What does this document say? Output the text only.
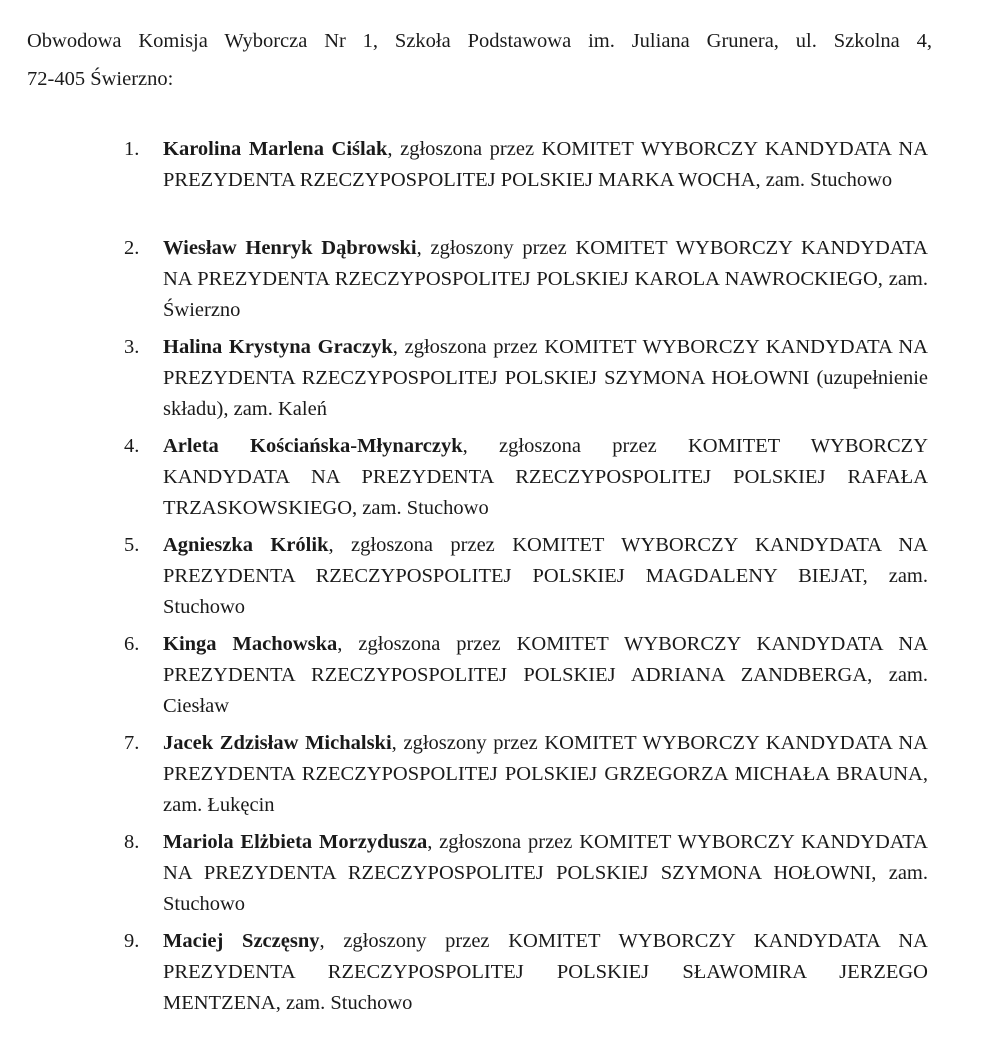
Obwodowa Komisja Wyborcza Nr 1, Szkoła Podstawowa im. Juliana Grunera, ul. Szkolna 4,
72-405 Świerzno:

1. Karolina Marlena Ciślak, zgłoszona przez KOMITET WYBORCZY KANDYDATA NA PREZYDENTA RZECZYPOSPOLITEJ POLSKIEJ MARKA WOCHA, zam. Stuchowo

2. Wiesław Henryk Dąbrowski, zgłoszony przez KOMITET WYBORCZY KANDYDATA NA PREZYDENTA RZECZYPOSPOLITEJ POLSKIEJ KAROLA NAWROCKIEGO, zam. Świerzno

3. Halina Krystyna Graczyk, zgłoszona przez KOMITET WYBORCZY KANDYDATA NA PREZYDENTA RZECZYPOSPOLITEJ POLSKIEJ SZYMONA HOŁOWNI (uzupełnienie składu), zam. Kaleń

4. Arleta Kościańska-Młynarczyk, zgłoszona przez KOMITET WYBORCZY KANDYDATA NA PREZYDENTA RZECZYPOSPOLITEJ POLSKIEJ RAFAŁA TRZASKOWSKIEGO, zam. Stuchowo

5. Agnieszka Królik, zgłoszona przez KOMITET WYBORCZY KANDYDATA NA PREZYDENTA RZECZYPOSPOLITEJ POLSKIEJ MAGDALENY BIEJAT, zam. Stuchowo

6. Kinga Machowska, zgłoszona przez KOMITET WYBORCZY KANDYDATA NA PREZYDENTA RZECZYPOSPOLITEJ POLSKIEJ ADRIANA ZANDBERGA, zam. Ciesław

7. Jacek Zdzisław Michalski, zgłoszony przez KOMITET WYBORCZY KANDYDATA NA PREZYDENTA RZECZYPOSPOLITEJ POLSKIEJ GRZEGORZA MICHAŁA BRAUNA, zam. Łukęcin

8. Mariola Elżbieta Morzydusza, zgłoszona przez KOMITET WYBORCZY KANDYDATA NA PREZYDENTA RZECZYPOSPOLITEJ POLSKIEJ SZYMONA HOŁOWNI, zam. Stuchowo

9. Maciej Szczęsny, zgłoszony przez KOMITET WYBORCZY KANDYDATA NA PREZYDENTA RZECZYPOSPOLITEJ POLSKIEJ SŁAWOMIRA JERZEGO MENTZENA, zam. Stuchowo
